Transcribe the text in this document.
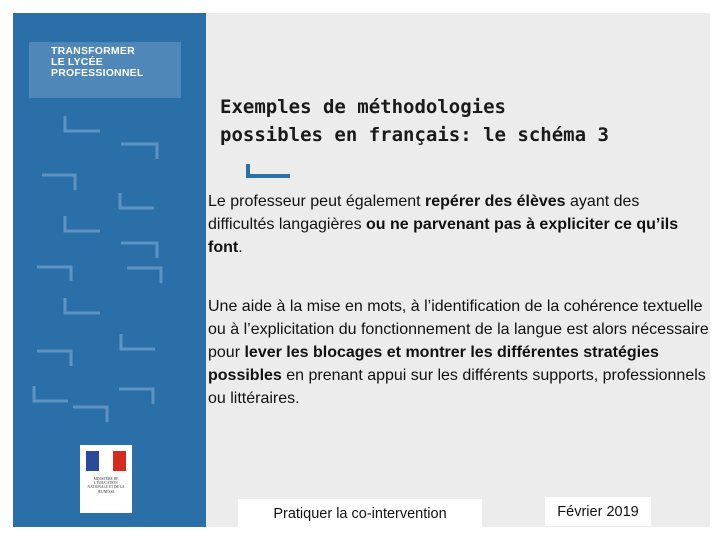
TRANSFORMER
LE LYCÉE
PROFESSIONNEL
MINISTÈRE DE L'ÉDUCATION NATIONALE ET DE LA JEUNESSE
Exemples de méthodologies
possibles en français: le schéma 3
Le professeur peut également repérer des élèves ayant des difficultés langagières ou ne parvenant pas à expliciter ce qu’ils font.
Une aide à la mise en mots, à l’identification de la cohérence textuelle ou à l’explicitation du fonctionnement de la langue est alors nécessaire pour lever les blocages et montrer les différentes stratégies possibles en prenant appui sur les différents supports, professionnels ou littéraires.
Pratiquer la co-intervention	Février 2019
